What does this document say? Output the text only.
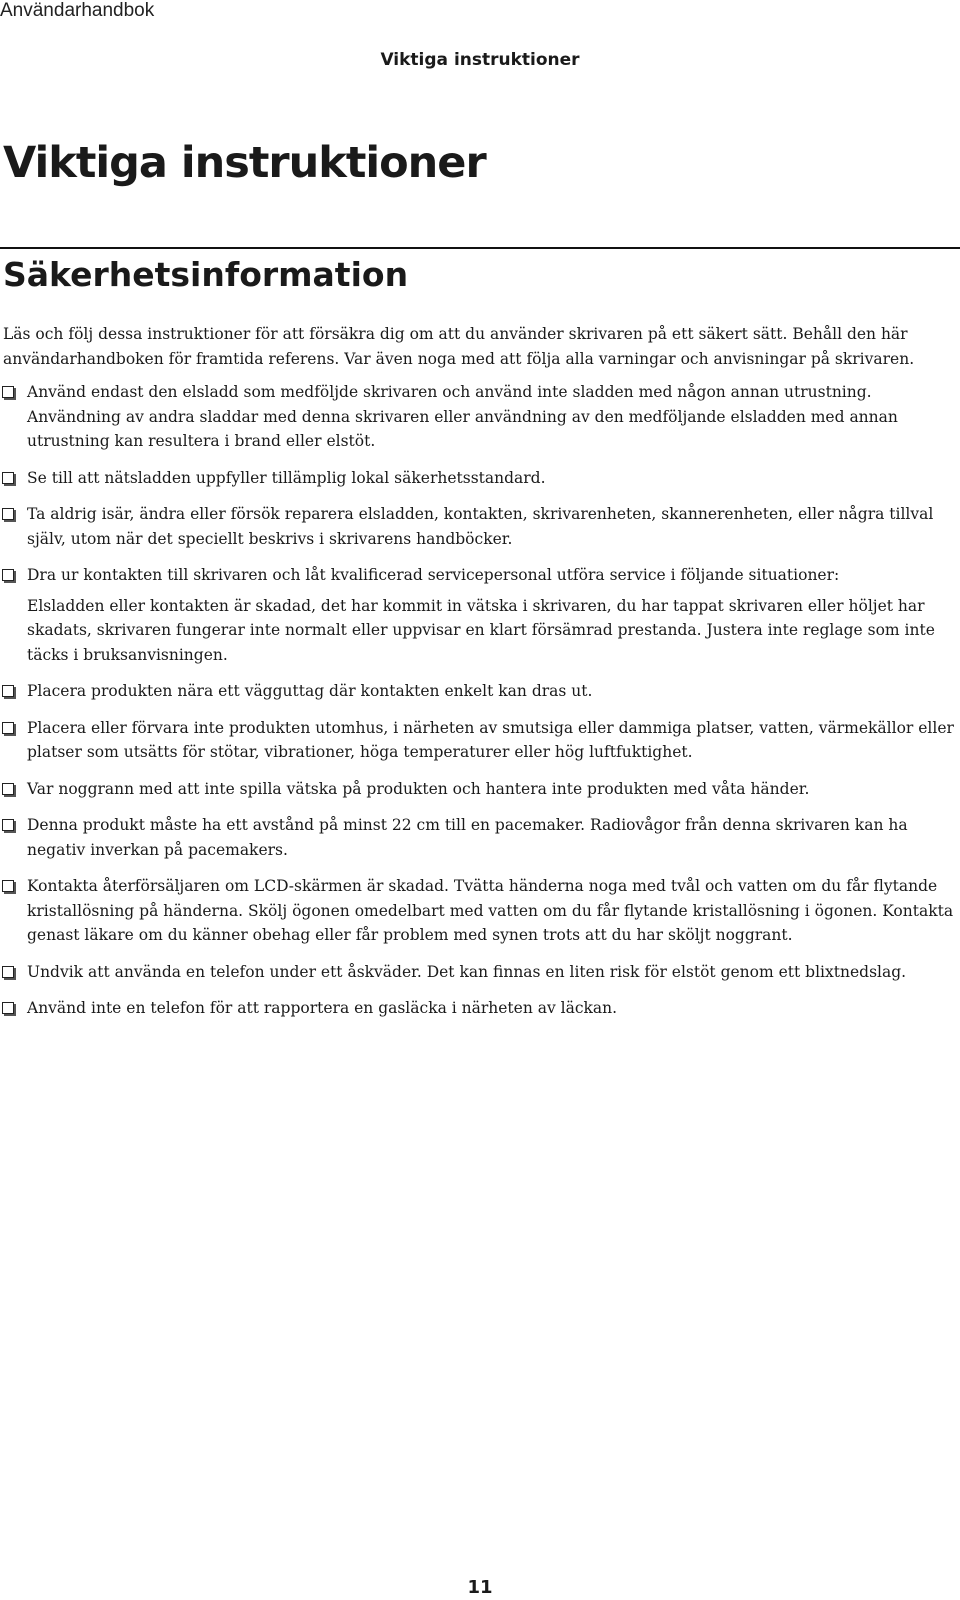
Användarhandbok
Viktiga instruktioner
Viktiga instruktioner
Säkerhetsinformation

Läs och följ dessa instruktioner för att försäkra dig om att du använder skrivaren på ett säkert sätt. Behåll den här användarhandboken för framtida referens. Var även noga med att följa alla varningar och anvisningar på skrivaren.

Använd endast den elsladd som medföljde skrivaren och använd inte sladden med någon annan utrustning. Användning av andra sladdar med denna skrivaren eller användning av den medföljande elsladden med annan utrustning kan resultera i brand eller elstöt.
Se till att nätsladden uppfyller tillämplig lokal säkerhetsstandard.
Ta aldrig isär, ändra eller försök reparera elsladden, kontakten, skrivarenheten, skannerenheten, eller några tillval själv, utom när det speciellt beskrivs i skrivarens handböcker.
Dra ur kontakten till skrivaren och låt kvalificerad servicepersonal utföra service i följande situationer:

Elsladden eller kontakten är skadad, det har kommit in vätska i skrivaren, du har tappat skrivaren eller höljet har skadats, skrivaren fungerar inte normalt eller uppvisar en klart försämrad prestanda. Justera inte reglage som inte täcks i bruksanvisningen.

Placera produkten nära ett vägguttag där kontakten enkelt kan dras ut.
Placera eller förvara inte produkten utomhus, i närheten av smutsiga eller dammiga platser, vatten, värmekällor eller platser som utsätts för stötar, vibrationer, höga temperaturer eller hög luftfuktighet.
Var noggrann med att inte spilla vätska på produkten och hantera inte produkten med våta händer.
Denna produkt måste ha ett avstånd på minst 22 cm till en pacemaker. Radiovågor från denna skrivaren kan ha negativ inverkan på pacemakers.
Kontakta återförsäljaren om LCD-skärmen är skadad. Tvätta händerna noga med tvål och vatten om du får flytande kristallösning på händerna. Skölj ögonen omedelbart med vatten om du får flytande kristallösning i ögonen. Kontakta genast läkare om du känner obehag eller får problem med synen trots att du har sköljt noggrant.
Undvik att använda en telefon under ett åskväder. Det kan finnas en liten risk för elstöt genom ett blixtnedslag.
Använd inte en telefon för att rapportera en gasläcka i närheten av läckan.
11
